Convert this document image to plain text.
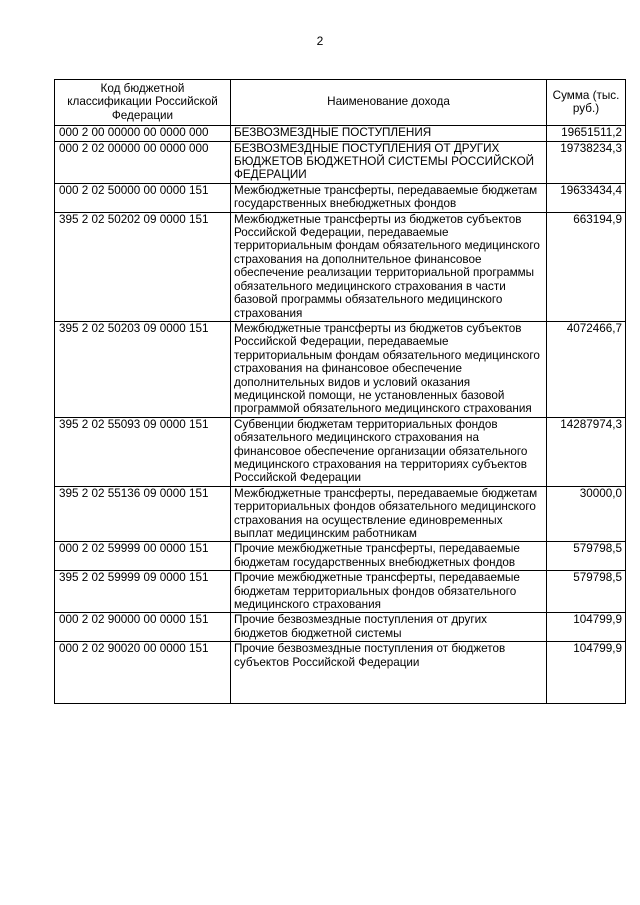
2
Код бюджетной классификации Российской Федерации	Наименование дохода	Сумма (тыс. руб.)
000 2 00 00000 00 0000 000	БЕЗВОЗМЕЗДНЫЕ ПОСТУПЛЕНИЯ	19651511,2
000 2 02 00000 00 0000 000	БЕЗВОЗМЕЗДНЫЕ ПОСТУПЛЕНИЯ ОТ ДРУГИХ БЮДЖЕТОВ БЮДЖЕТНОЙ СИСТЕМЫ РОССИЙСКОЙ ФЕДЕРАЦИИ	19738234,3
000 2 02 50000 00 0000 151	Межбюджетные трансферты, передаваемые бюджетам государственных внебюджетных фондов	19633434,4
395 2 02 50202 09 0000 151	Межбюджетные трансферты из бюджетов субъектов Российской Федерации, передаваемые территориальным фондам обязательного медицинского страхования на дополнительное финансовое обеспечение реализации территориальной программы обязательного медицинского страхования в части базовой программы обязательного медицинского страхования	663194,9
395 2 02 50203 09 0000 151	Межбюджетные трансферты из бюджетов субъектов Российской Федерации, передаваемые территориальным фондам обязательного медицинского страхования на финансовое обеспечение дополнительных видов и условий оказания медицинской помощи, не установленных базовой программой обязательного медицинского страхования	4072466,7
395 2 02 55093 09 0000 151	Субвенции бюджетам территориальных фондов обязательного медицинского страхования на финансовое обеспечение организации обязательного медицинского страхования на территориях субъектов Российской Федерации	14287974,3
395 2 02 55136 09 0000 151	Межбюджетные трансферты, передаваемые бюджетам территориальных фондов обязательного медицинского страхования на осуществление единовременных выплат медицинским работникам	30000,0
000 2 02 59999 00 0000 151	Прочие межбюджетные трансферты, передаваемые бюджетам государственных внебюджетных фондов	579798,5
395 2 02 59999 09 0000 151	Прочие межбюджетные трансферты, передаваемые бюджетам территориальных фондов обязательного медицинского страхования	579798,5
000 2 02 90000 00 0000 151	Прочие безвозмездные поступления от других бюджетов бюджетной системы	104799,9
000 2 02 90020 00 0000 151	Прочие безвозмездные поступления от бюджетов субъектов Российской Федерации	104799,9
